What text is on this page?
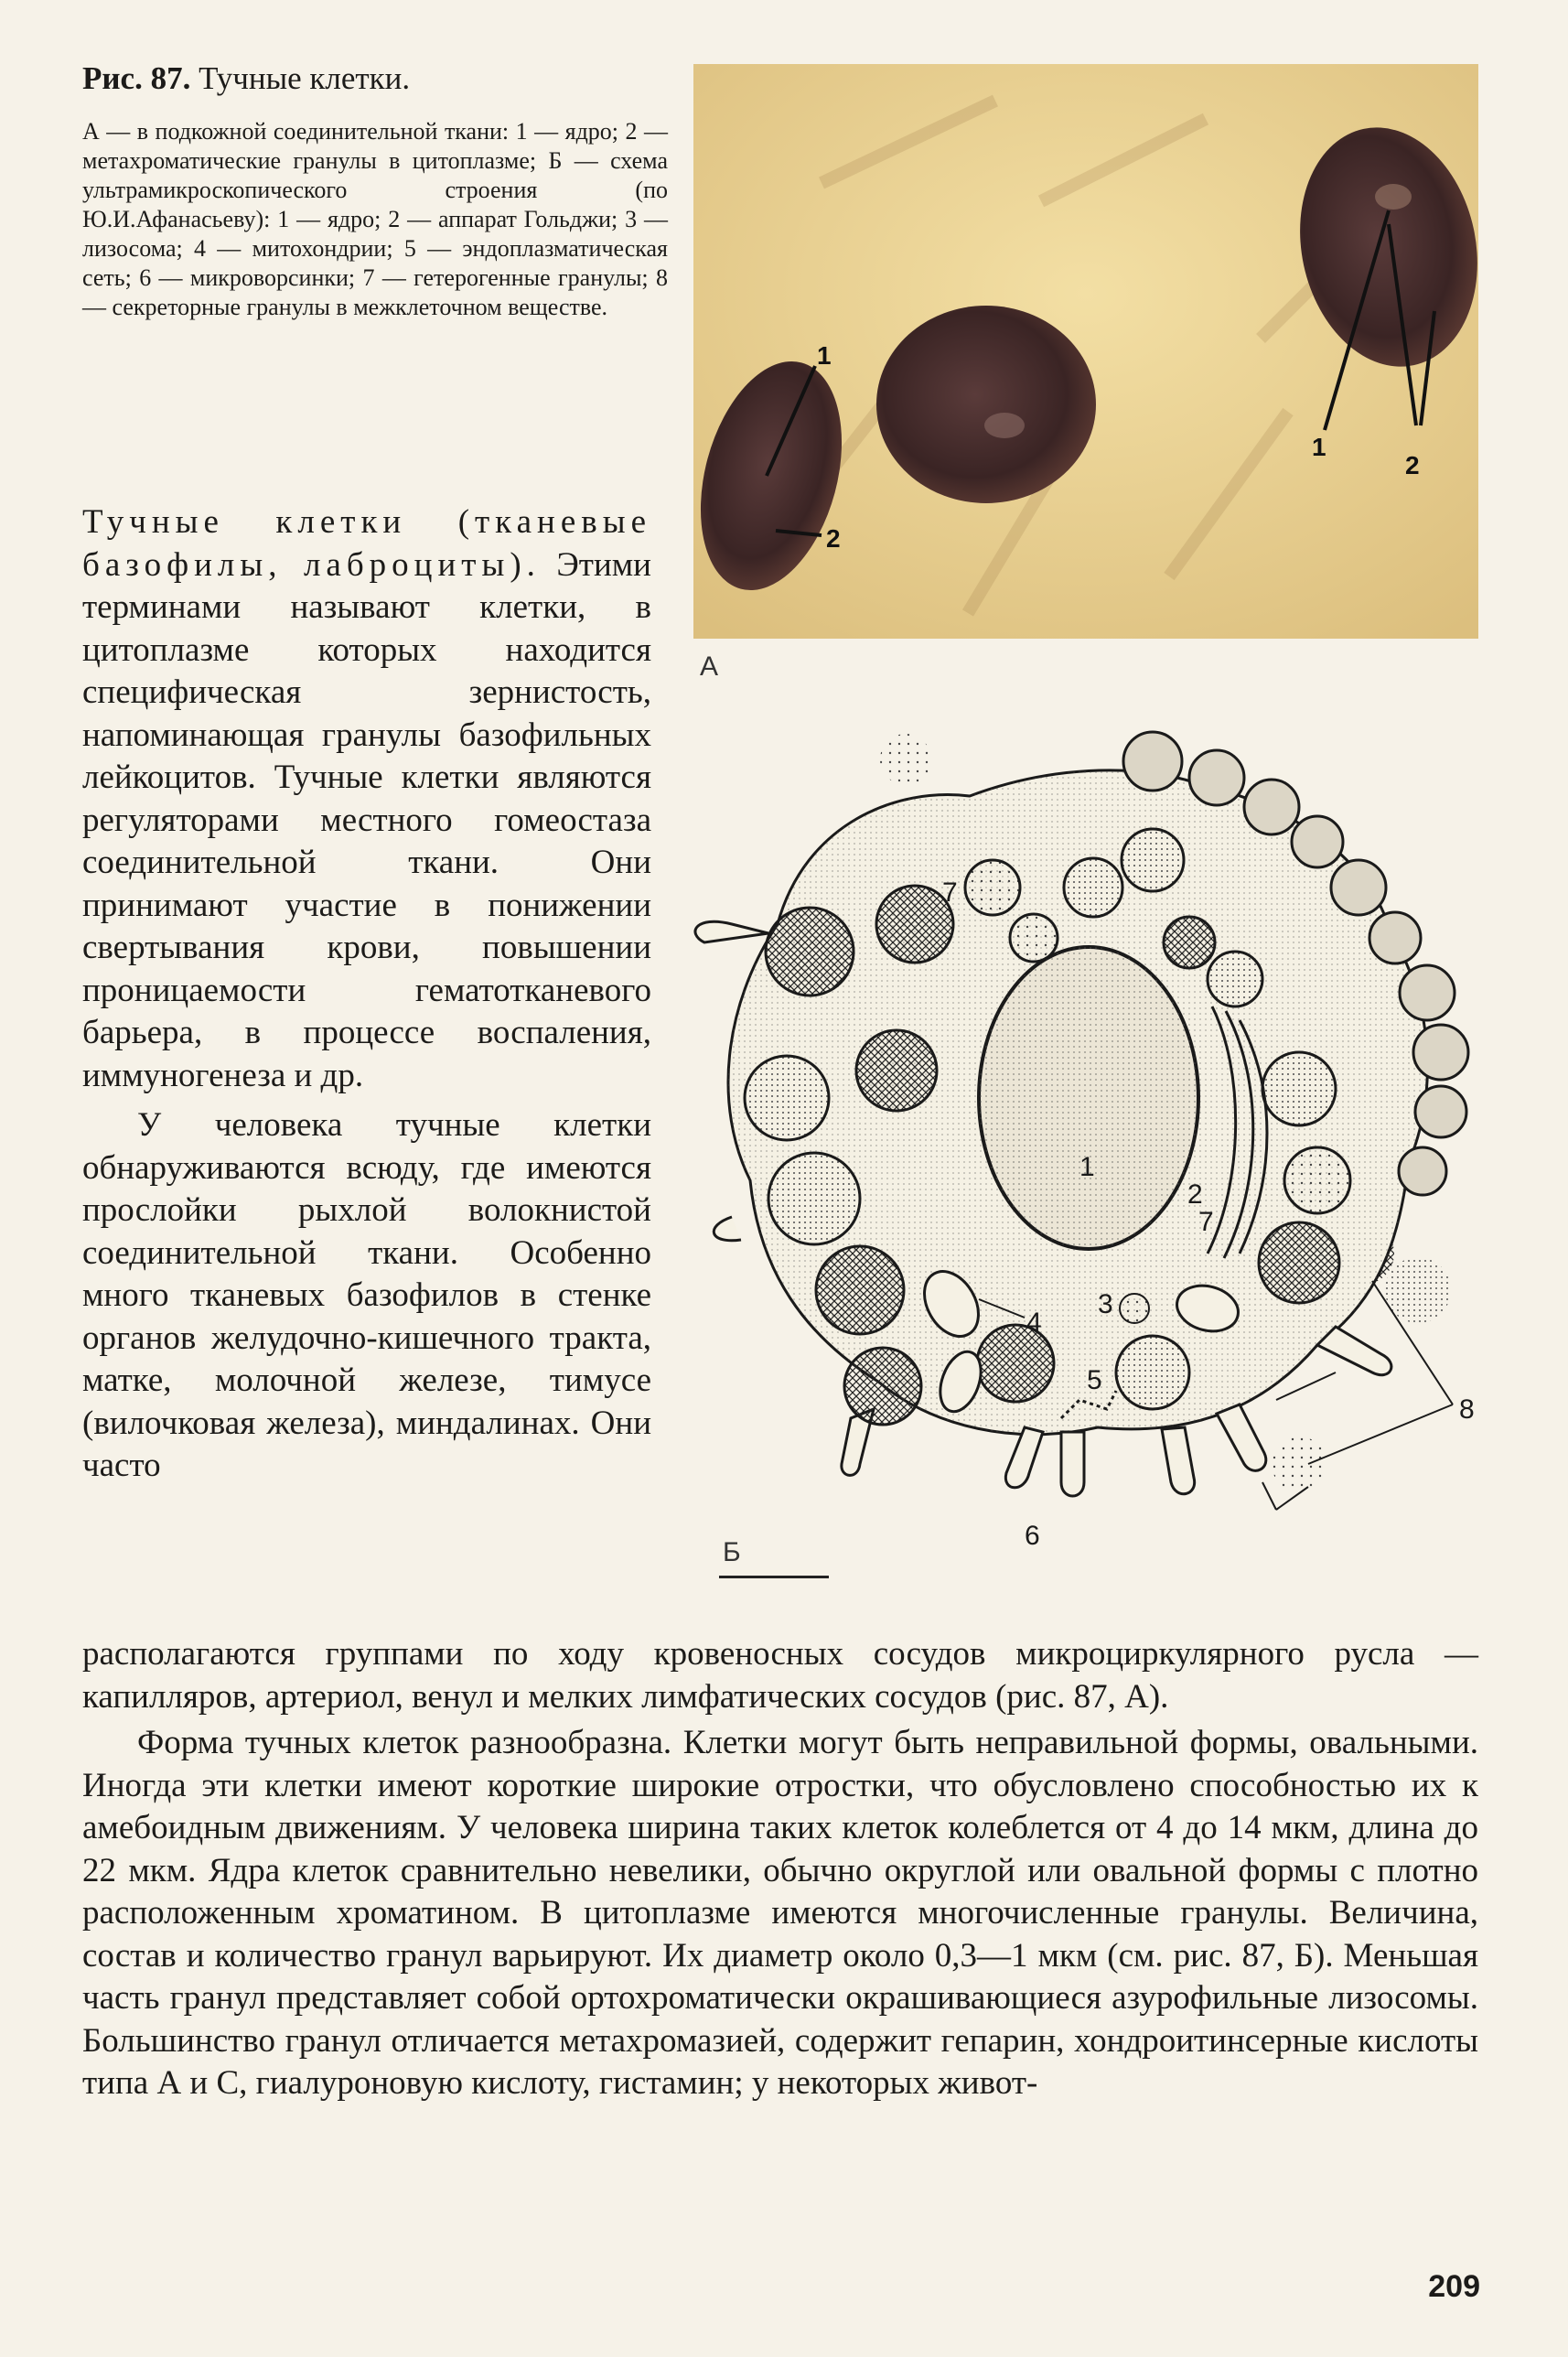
Рис. 87. Тучные клетки.

А — в подкожной соединительной ткани: 1 — ядро; 2 — метахроматические гранулы в цитоплазме; Б — схема ультрамикроскопического строения (по Ю.И.Афанасьеву): 1 — ядро; 2 — аппарат Гольджи; 3 — лизосома; 4 — митохондрии; 5 — эндоплазматическая сеть; 6 — микроворсинки; 7 — гетерогенные гранулы; 8 — секреторные гранулы в межклеточном веществе.

1
2
1
2
А
1
2
3
4
5
6
7
7
8
Б

Тучные клетки (тканевые базофилы, лаброциты). Этими терминами называют клетки, в цитоплазме которых находится специфическая зернистость, напоминающая гранулы базофильных лейкоцитов. Тучные клетки являются регуляторами местного гомеостаза соединительной ткани. Они принимают участие в понижении свертывания крови, повышении проницаемости гематотканевого барьера, в процессе воспаления, иммуногенеза и др.

У человека тучные клетки обнаруживаются всюду, где имеются прослойки рыхлой волокнистой соединительной ткани. Особенно много тканевых базофилов в стенке органов желудочно-кишечного тракта, матке, молочной железе, тимусе (вилочковая железа), миндалинах. Они часто

располагаются группами по ходу кровеносных сосудов микроциркулярного русла — капилляров, артериол, венул и мелких лимфатических сосудов (рис. 87, А).

Форма тучных клеток разнообразна. Клетки могут быть неправильной формы, овальными. Иногда эти клетки имеют короткие широкие отростки, что обусловлено способностью их к амебоидным движениям. У человека ширина таких клеток колеблется от 4 до 14 мкм, длина до 22 мкм. Ядра клеток сравнительно невелики, обычно округлой или овальной формы с плотно расположенным хроматином. В цитоплазме имеются многочисленные гранулы. Величина, состав и количество гранул варьируют. Их диаметр около 0,3—1 мкм (см. рис. 87, Б). Меньшая часть гранул представляет собой ортохроматически окрашивающиеся азурофильные лизосомы. Большинство гранул отличается метахромазией, содержит гепарин, хондроитинсерные кислоты типа А и С, гиалуроновую кислоту, гистамин; у некоторых живот-

209
